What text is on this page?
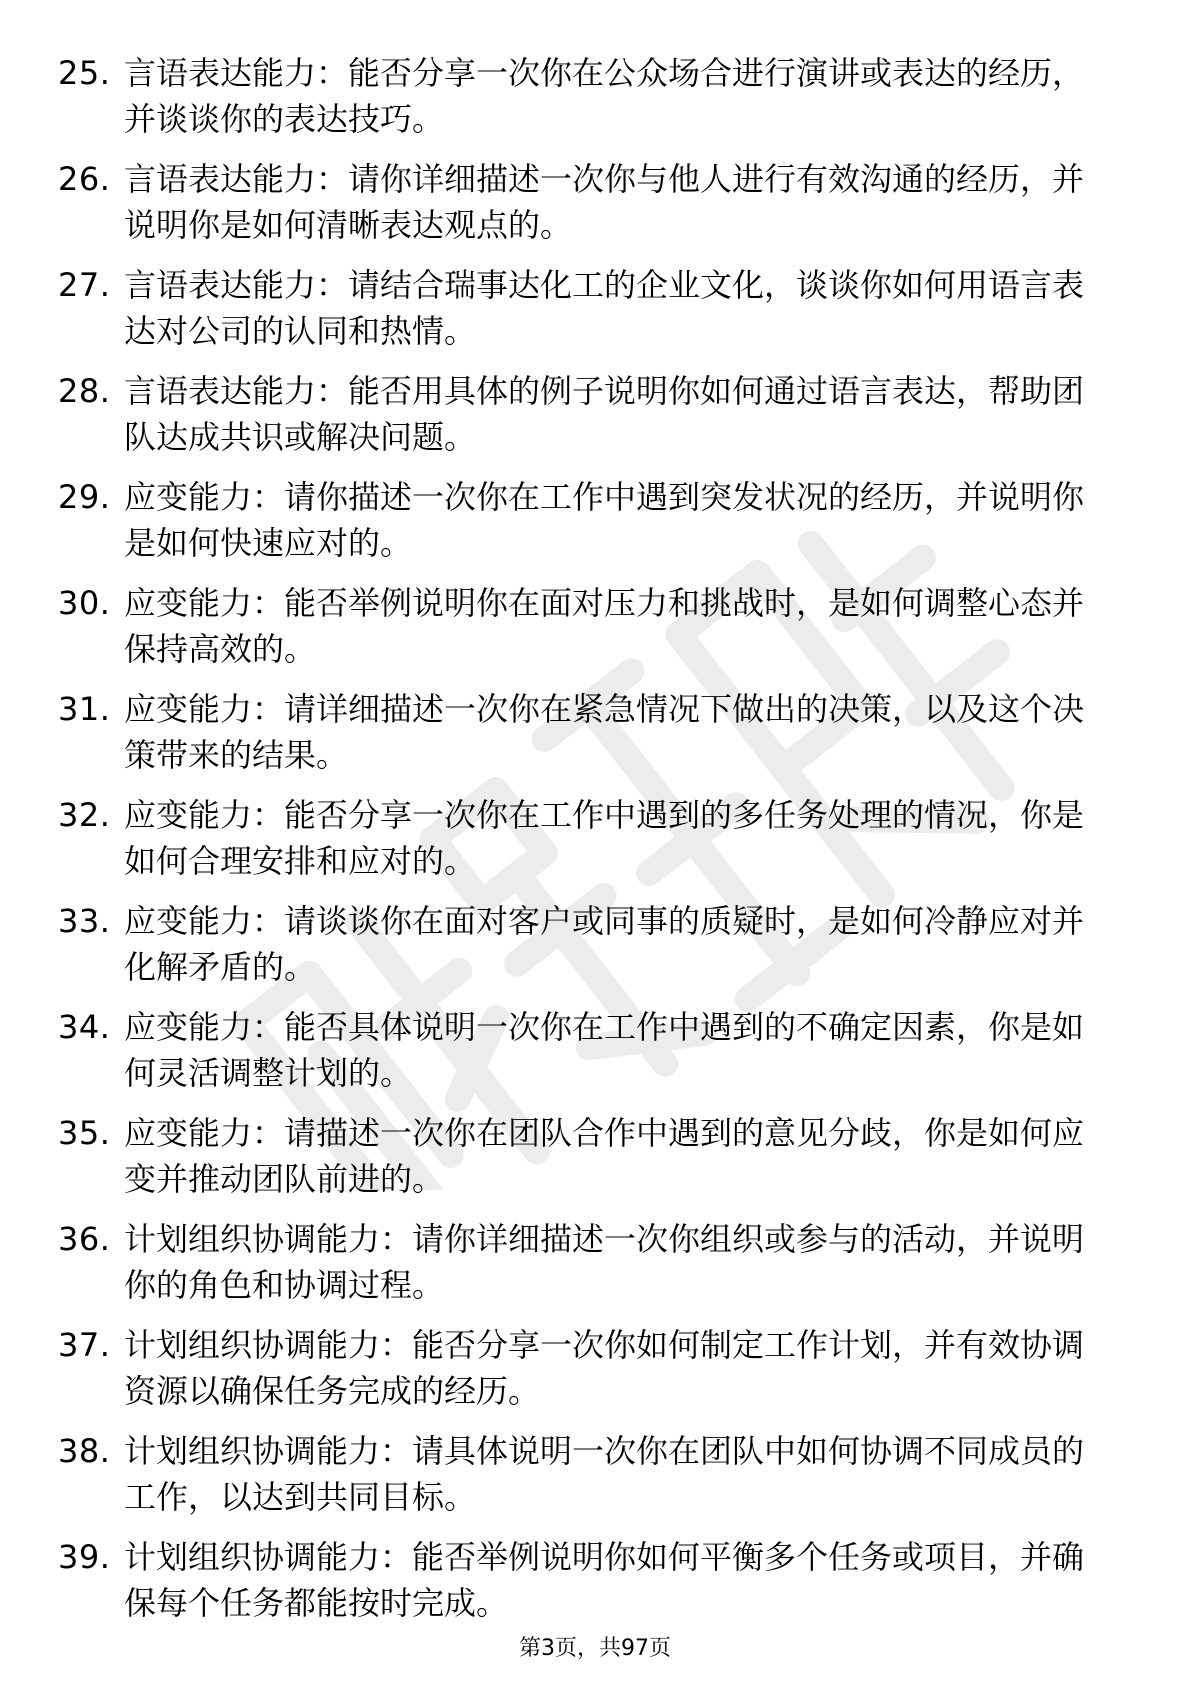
25. 言语表达能力：能否分享一次你在公众场合进行演讲或表达的经历，并谈谈你的表达技巧。
26. 言语表达能力：请你详细描述一次你与他人进行有效沟通的经历，并说明你是如何清晰表达观点的。
27. 言语表达能力：请结合瑞事达化工的企业文化，谈谈你如何用语言表达对公司的认同和热情。
28. 言语表达能力：能否用具体的例子说明你如何通过语言表达，帮助团队达成共识或解决问题。
29. 应变能力：请你描述一次你在工作中遇到突发状况的经历，并说明你是如何快速应对的。
30. 应变能力：能否举例说明你在面对压力和挑战时，是如何调整心态并保持高效的。
31. 应变能力：请详细描述一次你在紧急情况下做出的决策，以及这个决策带来的结果。
32. 应变能力：能否分享一次你在工作中遇到的多任务处理的情况，你是如何合理安排和应对的。
33. 应变能力：请谈谈你在面对客户或同事的质疑时，是如何冷静应对并化解矛盾的。
34. 应变能力：能否具体说明一次你在工作中遇到的不确定因素，你是如何灵活调整计划的。
35. 应变能力：请描述一次你在团队合作中遇到的意见分歧，你是如何应变并推动团队前进的。
36. 计划组织协调能力：请你详细描述一次你组织或参与的活动，并说明你的角色和协调过程。
37. 计划组织协调能力：能否分享一次你如何制定工作计划，并有效协调资源以确保任务完成的经历。
38. 计划组织协调能力：请具体说明一次你在团队中如何协调不同成员的工作，以达到共同目标。
39. 计划组织协调能力：能否举例说明你如何平衡多个任务或项目，并确保每个任务都能按时完成。
第3页，共97页
